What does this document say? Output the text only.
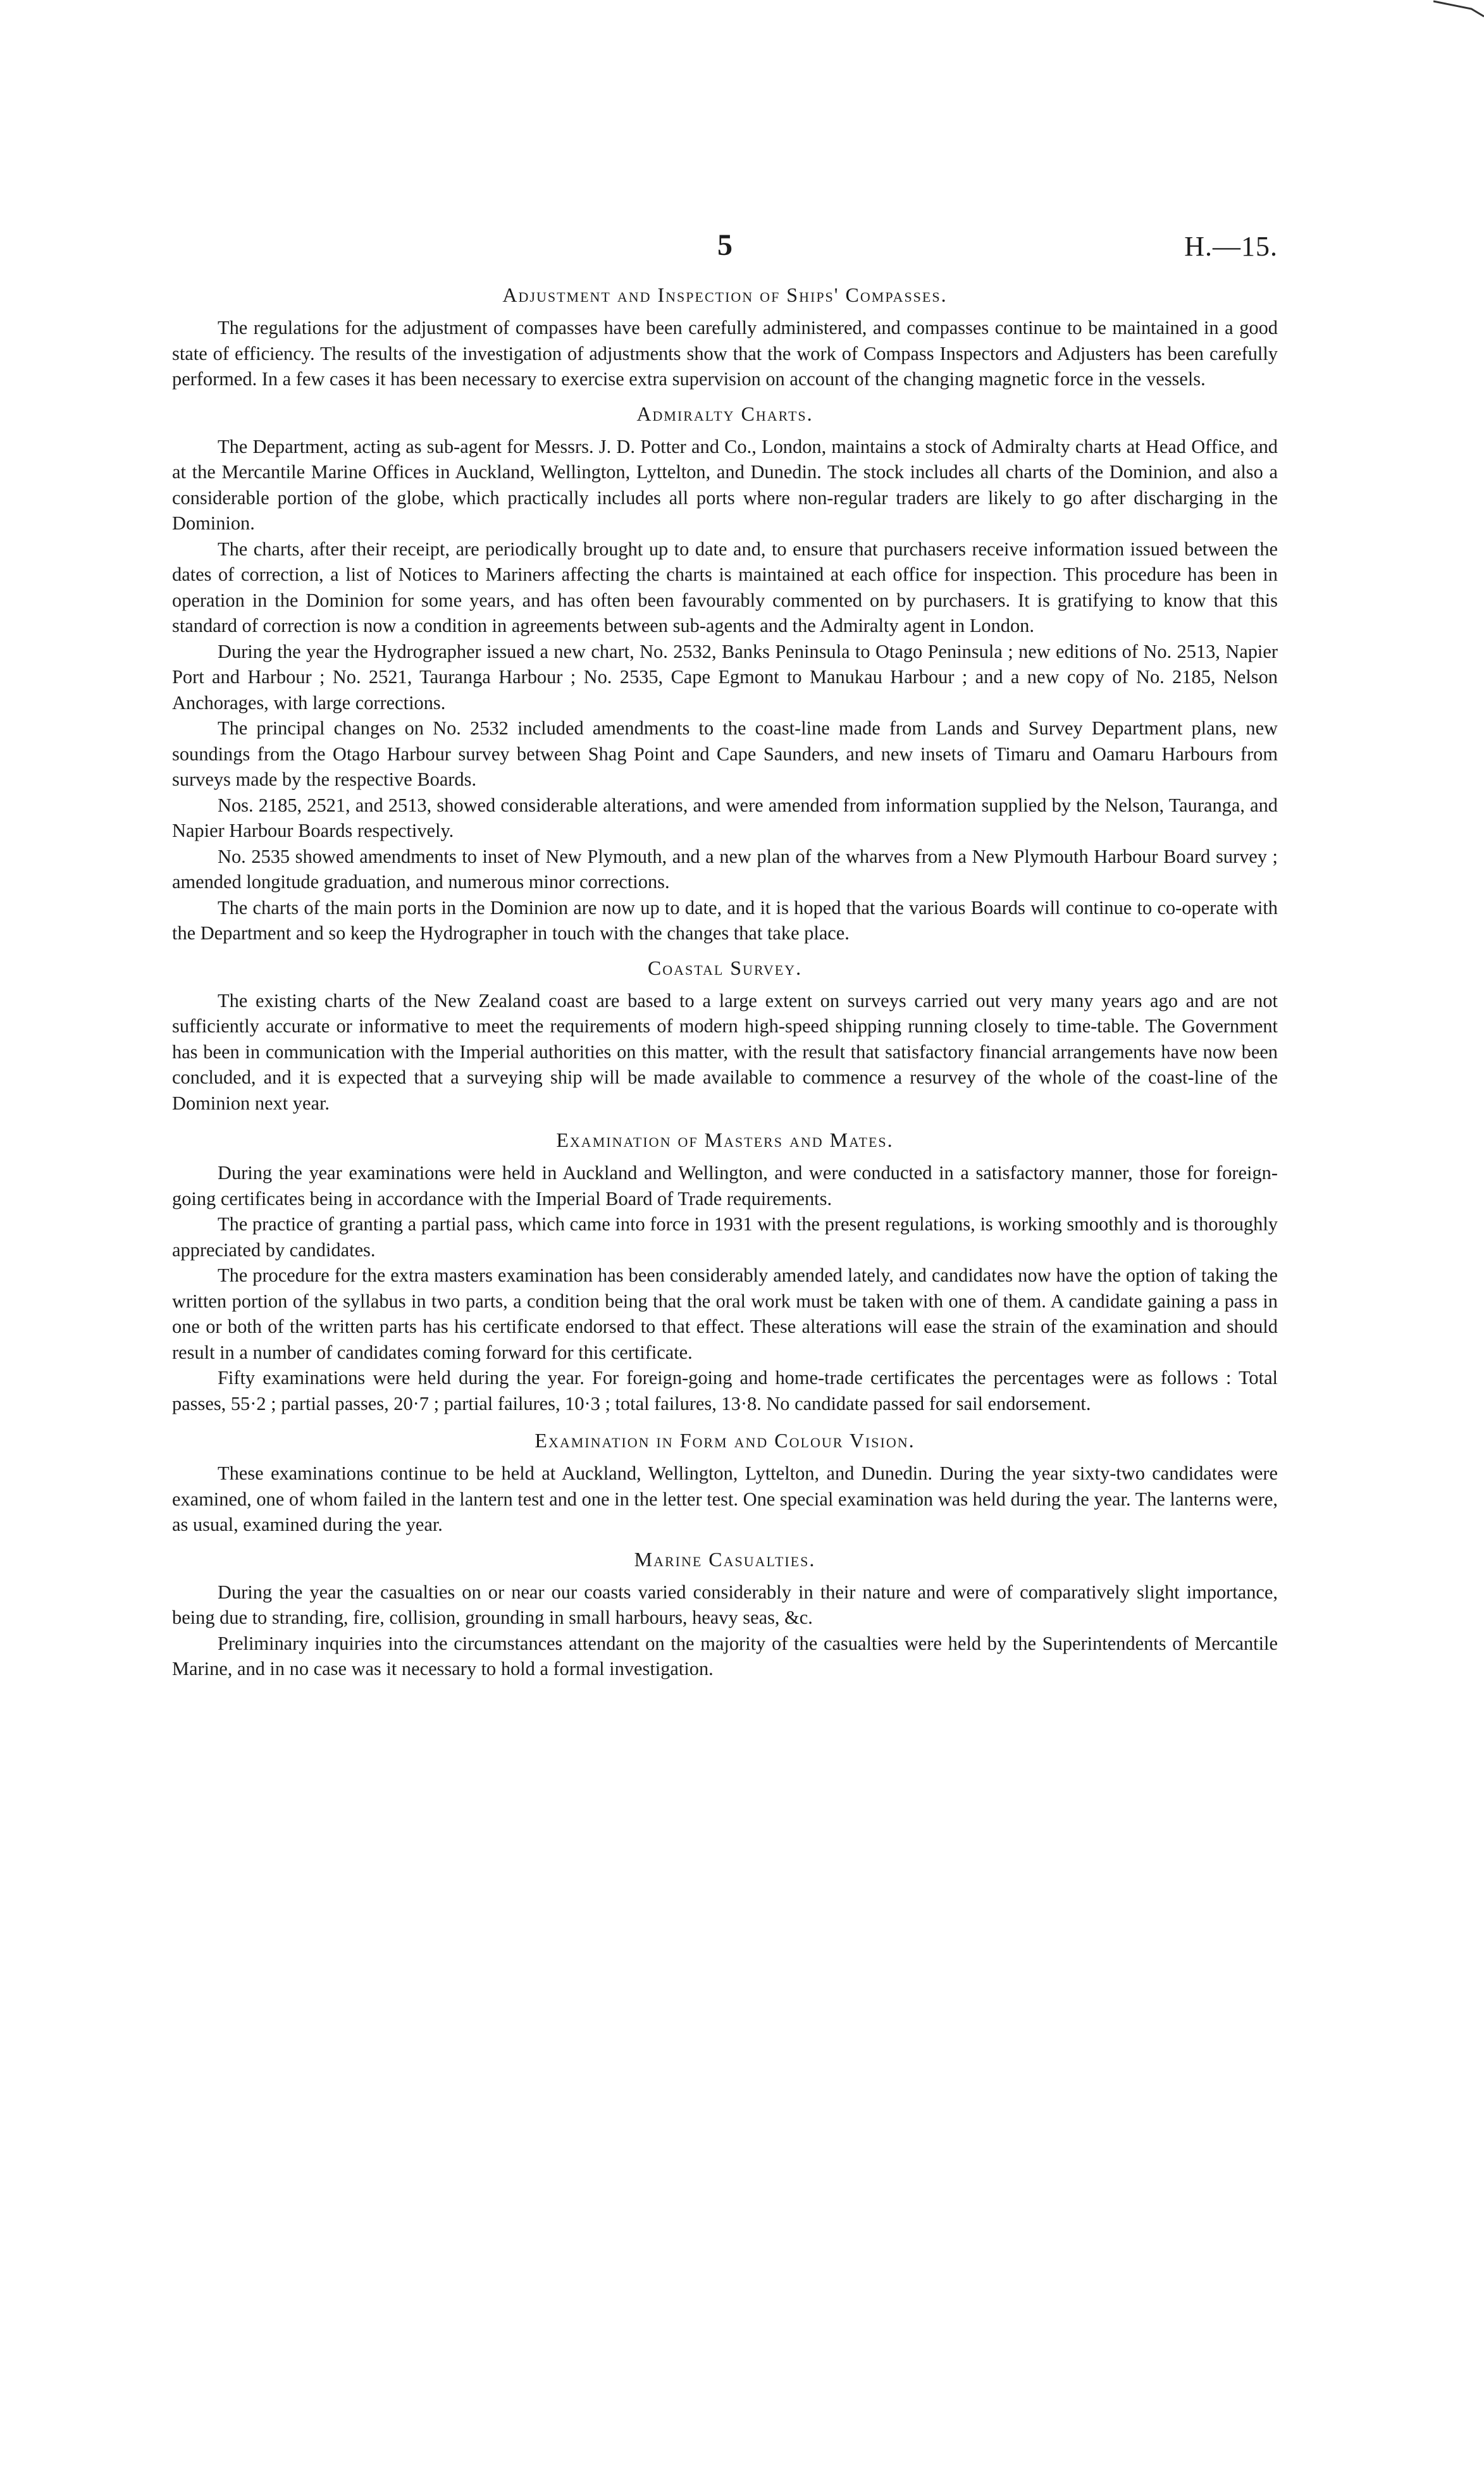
5	H.—15.
Adjustment and Inspection of Ships' Compasses.

The regulations for the adjustment of compasses have been carefully administered, and compasses continue to be maintained in a good state of efficiency. The results of the investigation of adjustments show that the work of Compass Inspectors and Adjusters has been carefully performed. In a few cases it has been necessary to exercise extra supervision on account of the changing magnetic force in the vessels.

Admiralty Charts.

The Department, acting as sub-agent for Messrs. J. D. Potter and Co., London, maintains a stock of Admiralty charts at Head Office, and at the Mercantile Marine Offices in Auckland, Wellington, Lyttelton, and Dunedin. The stock includes all charts of the Dominion, and also a considerable portion of the globe, which practically includes all ports where non-regular traders are likely to go after discharging in the Dominion.

The charts, after their receipt, are periodically brought up to date and, to ensure that purchasers receive information issued between the dates of correction, a list of Notices to Mariners affecting the charts is maintained at each office for inspection. This procedure has been in operation in the Dominion for some years, and has often been favourably commented on by purchasers. It is gratifying to know that this standard of correction is now a condition in agreements between sub-agents and the Admiralty agent in London.

During the year the Hydrographer issued a new chart, No. 2532, Banks Peninsula to Otago Peninsula ; new editions of No. 2513, Napier Port and Harbour ; No. 2521, Tauranga Harbour ; No. 2535, Cape Egmont to Manukau Harbour ; and a new copy of No. 2185, Nelson Anchorages, with large corrections.

The principal changes on No. 2532 included amendments to the coast-line made from Lands and Survey Department plans, new soundings from the Otago Harbour survey between Shag Point and Cape Saunders, and new insets of Timaru and Oamaru Harbours from surveys made by the respective Boards.

Nos. 2185, 2521, and 2513, showed considerable alterations, and were amended from information supplied by the Nelson, Tauranga, and Napier Harbour Boards respectively.

No. 2535 showed amendments to inset of New Plymouth, and a new plan of the wharves from a New Plymouth Harbour Board survey ; amended longitude graduation, and numerous minor corrections.

The charts of the main ports in the Dominion are now up to date, and it is hoped that the various Boards will continue to co-operate with the Department and so keep the Hydrographer in touch with the changes that take place.

Coastal Survey.

The existing charts of the New Zealand coast are based to a large extent on surveys carried out very many years ago and are not sufficiently accurate or informative to meet the requirements of modern high-speed shipping running closely to time-table. The Government has been in communication with the Imperial authorities on this matter, with the result that satisfactory financial arrangements have now been concluded, and it is expected that a surveying ship will be made available to commence a resurvey of the whole of the coast-line of the Dominion next year.

Examination of Masters and Mates.

During the year examinations were held in Auckland and Wellington, and were conducted in a satisfactory manner, those for foreign-going certificates being in accordance with the Imperial Board of Trade requirements.

The practice of granting a partial pass, which came into force in 1931 with the present regulations, is working smoothly and is thoroughly appreciated by candidates.

The procedure for the extra masters examination has been considerably amended lately, and candidates now have the option of taking the written portion of the syllabus in two parts, a condition being that the oral work must be taken with one of them. A candidate gaining a pass in one or both of the written parts has his certificate endorsed to that effect. These alterations will ease the strain of the examination and should result in a number of candidates coming forward for this certificate.

Fifty examinations were held during the year. For foreign-going and home-trade certificates the percentages were as follows : Total passes, 55·2 ; partial passes, 20·7 ; partial failures, 10·3 ; total failures, 13·8. No candidate passed for sail endorsement.

Examination in Form and Colour Vision.

These examinations continue to be held at Auckland, Wellington, Lyttelton, and Dunedin. During the year sixty-two candidates were examined, one of whom failed in the lantern test and one in the letter test. One special examination was held during the year. The lanterns were, as usual, examined during the year.

Marine Casualties.

During the year the casualties on or near our coasts varied considerably in their nature and were of comparatively slight importance, being due to stranding, fire, collision, grounding in small harbours, heavy seas, &c.

Preliminary inquiries into the circumstances attendant on the majority of the casualties were held by the Superintendents of Mercantile Marine, and in no case was it necessary to hold a formal investigation.
